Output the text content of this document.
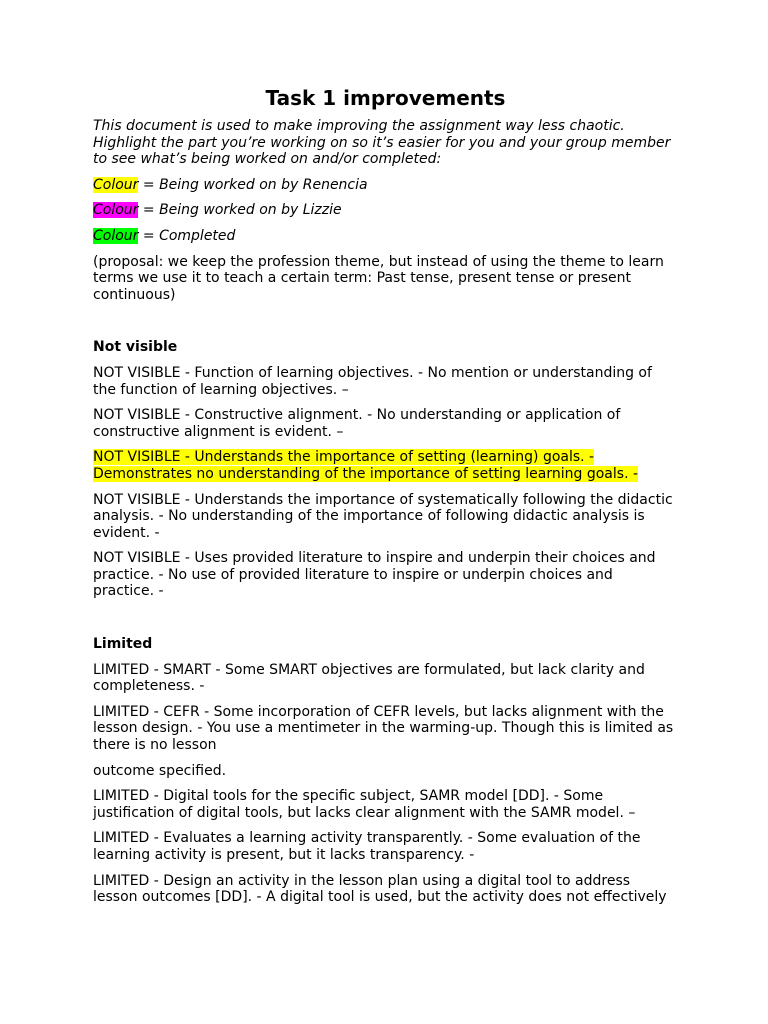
Task 1 improvements

This document is used to make improving the assignment way less chaotic. Highlight the part you’re working on so it’s easier for you and your group member to see what’s being worked on and/or completed:

Colour = Being worked on by Renencia

Colour = Being worked on by Lizzie

Colour = Completed

(proposal: we keep the profession theme, but instead of using the theme to learn terms we use it to teach a certain term: Past tense, present tense or present continuous)

Not visible

NOT VISIBLE - Function of learning objectives. - No mention or understanding of the function of learning objectives. –

NOT VISIBLE - Constructive alignment. - No understanding or application of constructive alignment is evident. –

NOT VISIBLE - Understands the importance of setting (learning) goals. - Demonstrates no understanding of the importance of setting learning goals. -

NOT VISIBLE - Understands the importance of systematically following the didactic analysis. - No understanding of the importance of following didactic analysis is evident. -

NOT VISIBLE - Uses provided literature to inspire and underpin their choices and practice. - No use of provided literature to inspire or underpin choices and practice. -

Limited

LIMITED - SMART - Some SMART objectives are formulated, but lack clarity and completeness. -

LIMITED - CEFR - Some incorporation of CEFR levels, but lacks alignment with the lesson design. - You use a mentimeter in the warming-up. Though this is limited as there is no lesson

outcome specified.

LIMITED - Digital tools for the specific subject, SAMR model [DD]. - Some justification of digital tools, but lacks clear alignment with the SAMR model. –

LIMITED - Evaluates a learning activity transparently. - Some evaluation of the learning activity is present, but it lacks transparency. -

LIMITED - Design an activity in the lesson plan using a digital tool to address lesson outcomes [DD]. - A digital tool is used, but the activity does not effectively
